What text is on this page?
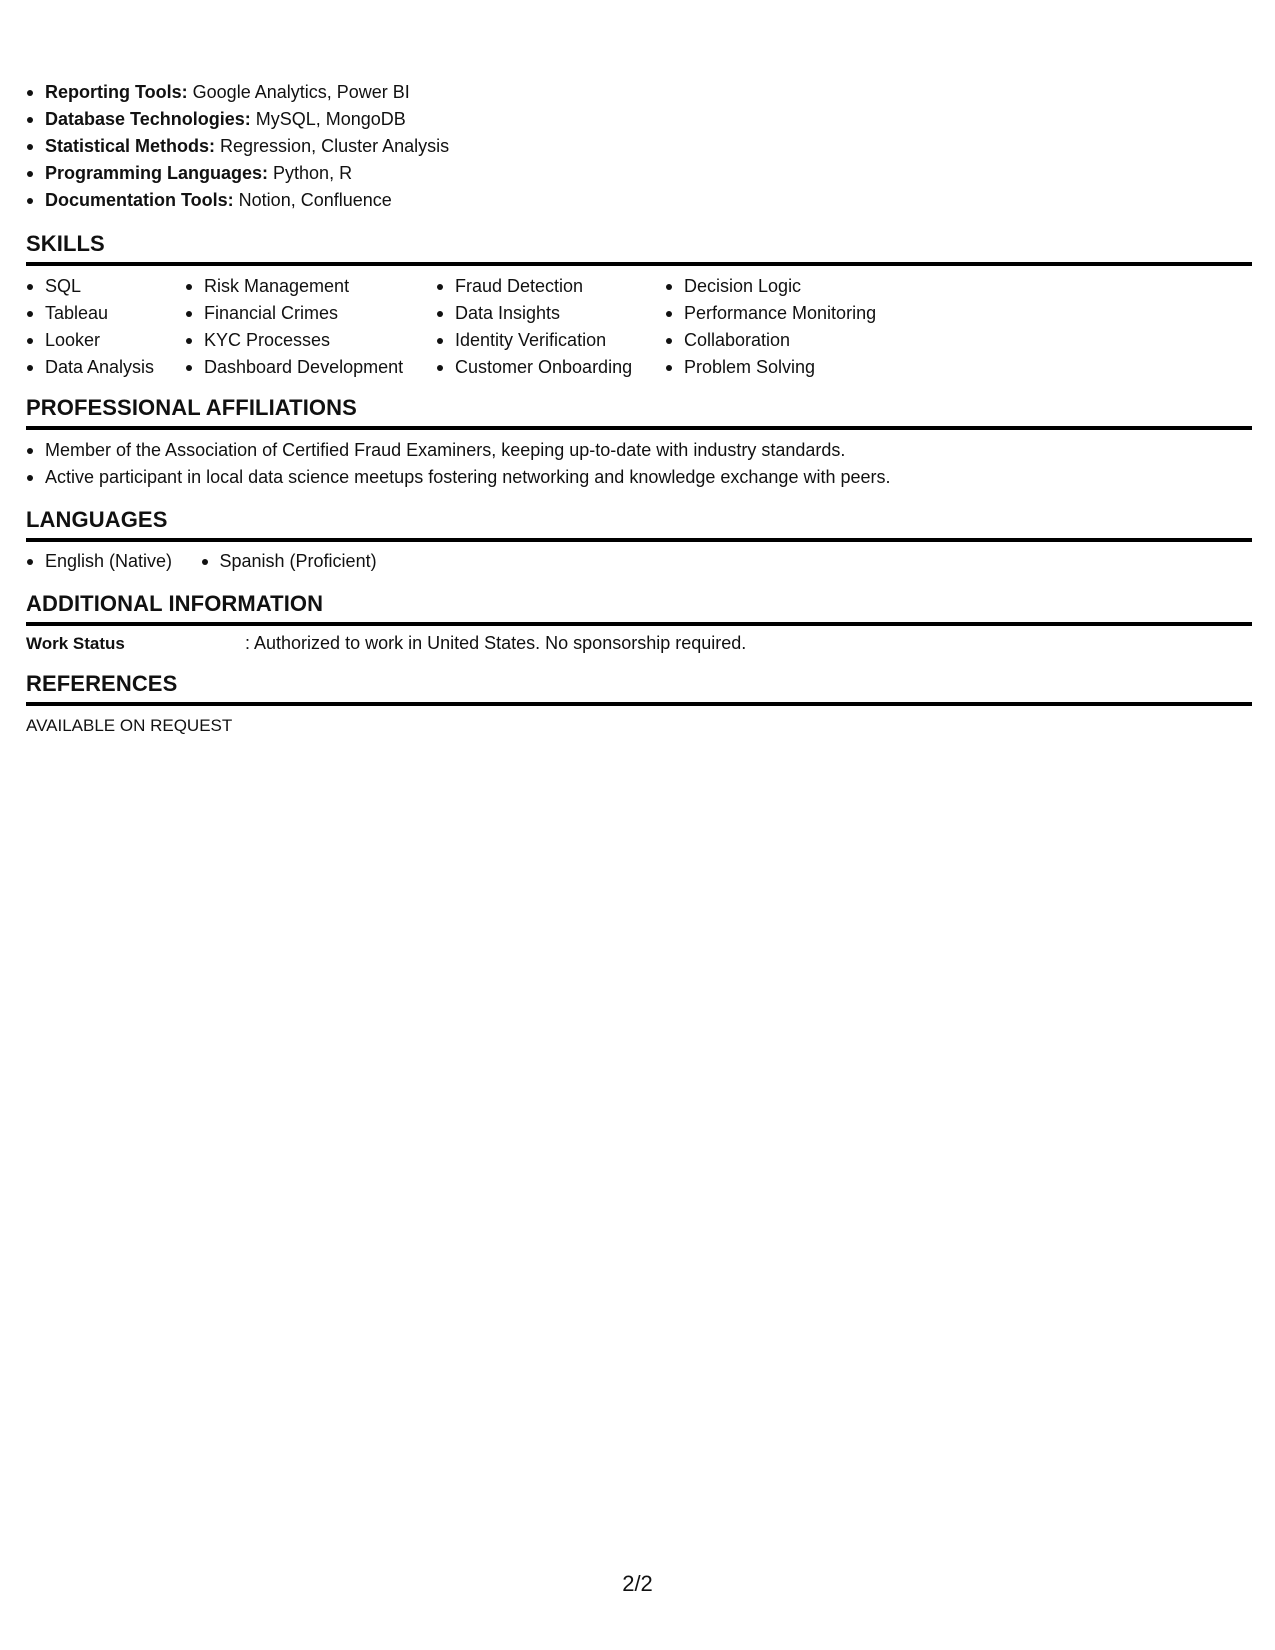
Reporting Tools: Google Analytics, Power BI
Database Technologies: MySQL, MongoDB
Statistical Methods: Regression, Cluster Analysis
Programming Languages: Python, R
Documentation Tools: Notion, Confluence
SKILLS
SQL
Tableau
Looker
Data Analysis
Risk Management
Financial Crimes
KYC Processes
Dashboard Development
Fraud Detection
Data Insights
Identity Verification
Customer Onboarding
Decision Logic
Performance Monitoring
Collaboration
Problem Solving
PROFESSIONAL AFFILIATIONS
Member of the Association of Certified Fraud Examiners, keeping up-to-date with industry standards.
Active participant in local data science meetups fostering networking and knowledge exchange with peers.
LANGUAGES
English (Native)	Spanish (Proficient)
ADDITIONAL INFORMATION
Work Status	: Authorized to work in United States. No sponsorship required.
REFERENCES
AVAILABLE ON REQUEST
2/2
